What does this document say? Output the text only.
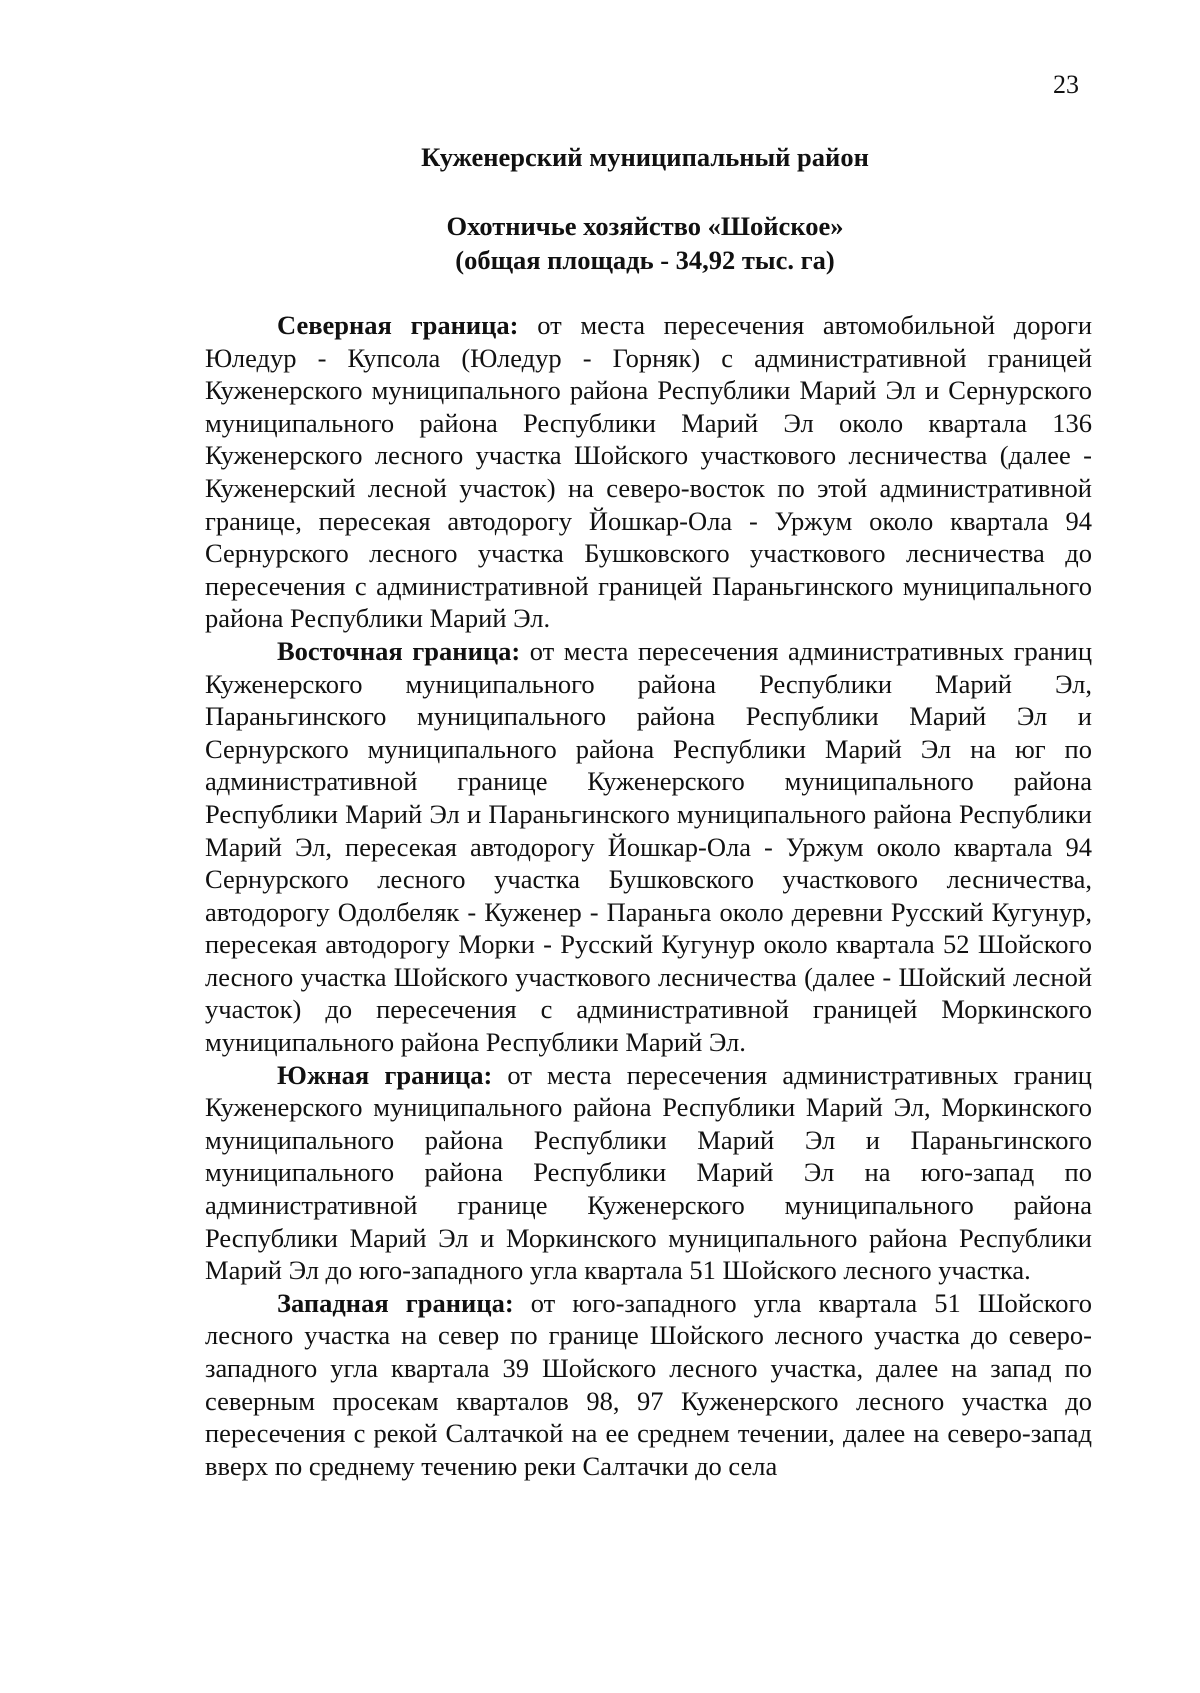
23
Куженерский муниципальный район
Охотничье хозяйство «Шойское»
(общая площадь - 34,92 тыс. га)

Северная граница: от места пересечения автомобильной дороги Юледур - Купсола (Юледур - Горняк) с административной границей Куженерского муниципального района Республики Марий Эл и Сернурского муниципального района Республики Марий Эл около квартала 136 Куженерского лесного участка Шойского участкового лесничества (далее - Куженерский лесной участок) на северо-восток по этой административной границе, пересекая автодорогу Йошкар-Ола - Уржум около квартала 94 Сернурского лесного участка Бушковского участкового лесничества до пересечения с административной границей Параньгинского муниципального района Республики Марий Эл.

Восточная граница: от места пересечения административных границ Куженерского муниципального района Республики Марий Эл, Параньгинского муниципального района Республики Марий Эл и Сернурского муниципального района Республики Марий Эл на юг по административной границе Куженерского муниципального района Республики Марий Эл и Параньгинского муниципального района Республики Марий Эл, пересекая автодорогу Йошкар-Ола - Уржум около квартала 94 Сернурского лесного участка Бушковского участкового лесничества, автодорогу Одолбеляк - Куженер - Параньга около деревни Русский Кугунур, пересекая автодорогу Морки - Русский Кугунур около квартала 52 Шойского лесного участка Шойского участкового лесничества (далее - Шойский лесной участок) до пересечения с административной границей Моркинского муниципального района Республики Марий Эл.

Южная граница: от места пересечения административных границ Куженерского муниципального района Республики Марий Эл, Моркинского муниципального района Республики Марий Эл и Параньгинского муниципального района Республики Марий Эл на юго-запад по административной границе Куженерского муниципального района Республики Марий Эл и Моркинского муниципального района Республики Марий Эл до юго-западного угла квартала 51 Шойского лесного участка.

Западная граница: от юго-западного угла квартала 51 Шойского лесного участка на север по границе Шойского лесного участка до северо-западного угла квартала 39 Шойского лесного участка, далее на запад по северным просекам кварталов 98, 97 Куженерского лесного участка до пересечения с рекой Салтачкой на ее среднем течении, далее на северо-запад вверх по среднему течению реки Салтачки до села
